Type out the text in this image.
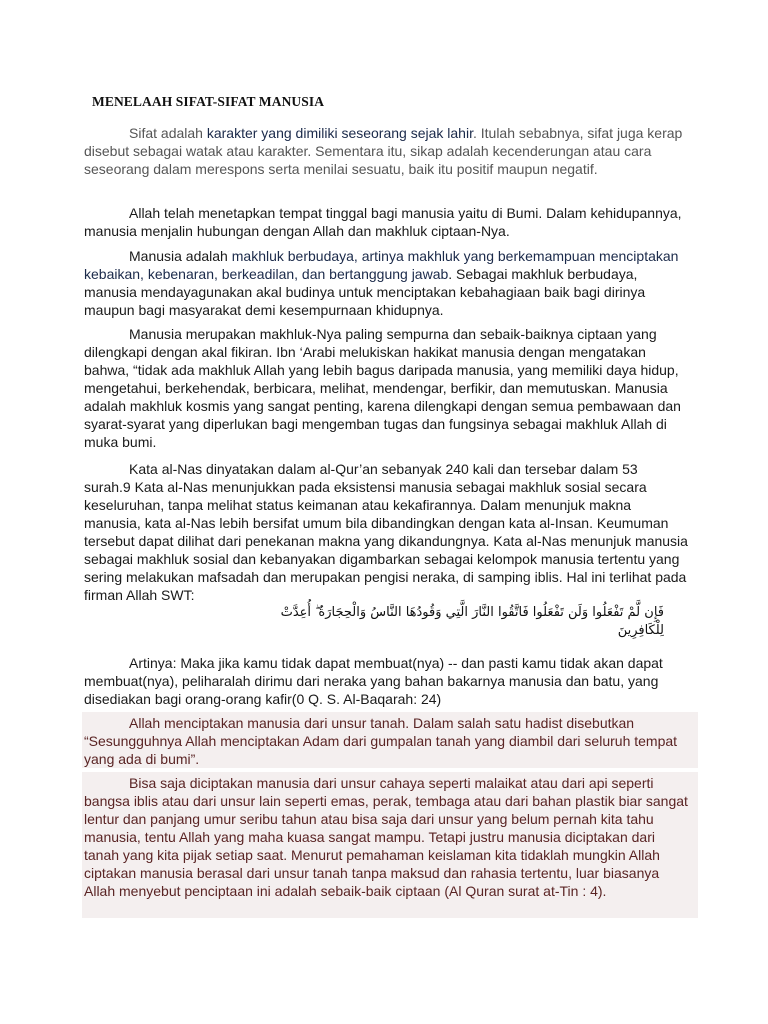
MENELAAH SIFAT-SIFAT MANUSIA

Sifat adalah karakter yang dimiliki seseorang sejak lahir. Itulah sebabnya, sifat juga kerap disebut sebagai watak atau karakter. Sementara itu, sikap adalah kecenderungan atau cara seseorang dalam merespons serta menilai sesuatu, baik itu positif maupun negatif.

Allah telah menetapkan tempat tinggal bagi manusia yaitu di Bumi. Dalam kehidupannya, manusia menjalin hubungan dengan Allah dan makhluk ciptaan-Nya.

Manusia adalah makhluk berbudaya, artinya makhluk yang berkemampuan menciptakan kebaikan, kebenaran, berkeadilan, dan bertanggung jawab. Sebagai makhluk berbudaya, manusia mendayagunakan akal budinya untuk menciptakan kebahagiaan baik bagi dirinya maupun bagi masyarakat demi kesempurnaan khidupnya.

Manusia merupakan makhluk-Nya paling sempurna dan sebaik-baiknya ciptaan yang dilengkapi dengan akal fikiran. Ibn ‘Arabi melukiskan hakikat manusia dengan mengatakan bahwa, “tidak ada makhluk Allah yang lebih bagus daripada manusia, yang memiliki daya hidup, mengetahui, berkehendak, berbicara, melihat, mendengar, berfikir, dan memutuskan. Manusia adalah makhluk kosmis yang sangat penting, karena dilengkapi dengan semua pembawaan dan syarat-syarat yang diperlukan bagi mengemban tugas dan fungsinya sebagai makhluk Allah di muka bumi.

Kata al-Nas dinyatakan dalam al-Qur’an sebanyak 240 kali dan tersebar dalam 53 surah.9 Kata al-Nas menunjukkan pada eksistensi manusia sebagai makhluk sosial secara keseluruhan, tanpa melihat status keimanan atau kekafirannya. Dalam menunjuk makna manusia, kata al-Nas lebih bersifat umum bila dibandingkan dengan kata al-Insan. Keumuman tersebut dapat dilihat dari penekanan makna yang dikandungnya. Kata al-Nas menunjuk manusia sebagai makhluk sosial dan kebanyakan digambarkan sebagai kelompok manusia tertentu yang sering melakukan mafsadah dan merupakan pengisi neraka, di samping iblis. Hal ini terlihat pada firman Allah SWT:

فَإِن لَّمْ تَفْعَلُوا وَلَن تَفْعَلُوا فَاتَّقُوا النَّارَ الَّتِي وَقُودُهَا النَّاسُ وَالْحِجَارَةُ ۖ أُعِدَّتْ
لِلْكَافِرِينَ

Artinya: Maka jika kamu tidak dapat membuat(nya) -- dan pasti kamu tidak akan dapat membuat(nya), peliharalah dirimu dari neraka yang bahan bakarnya manusia dan batu, yang disediakan bagi orang-orang kafir(0 Q. S. Al-Baqarah: 24)

Allah menciptakan manusia dari unsur tanah. Dalam salah satu hadist disebutkan “Sesungguhnya Allah menciptakan Adam dari gumpalan tanah yang diambil dari seluruh tempat yang ada di bumi”.

Bisa saja diciptakan manusia dari unsur cahaya seperti malaikat atau dari api seperti bangsa iblis atau dari unsur lain seperti emas, perak, tembaga atau dari bahan plastik biar sangat lentur dan panjang umur seribu tahun atau bisa saja dari unsur yang belum pernah kita tahu manusia, tentu Allah yang maha kuasa sangat mampu. Tetapi justru manusia diciptakan dari tanah yang kita pijak setiap saat. Menurut pemahaman keislaman kita tidaklah mungkin Allah ciptakan manusia berasal dari unsur tanah tanpa maksud dan rahasia tertentu, luar biasanya Allah menyebut penciptaan ini adalah sebaik-baik ciptaan (Al Quran surat at-Tin : 4).
